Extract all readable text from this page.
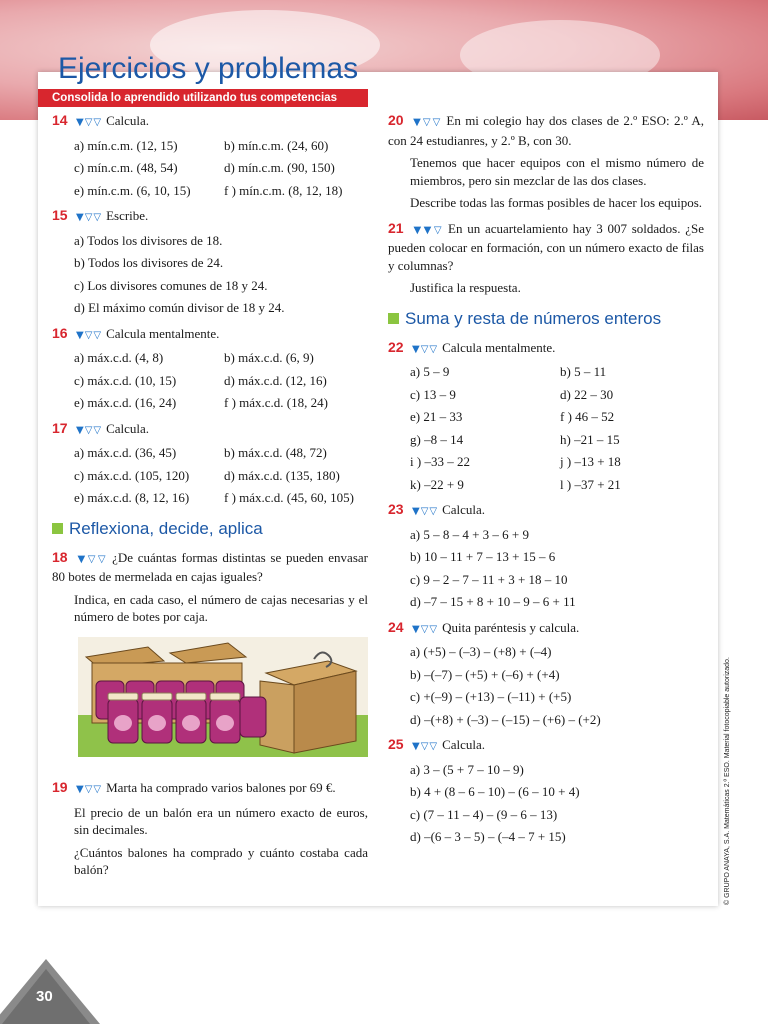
Ejercicios y problemas
Consolida lo aprendido utilizando tus competencias
14 ▼▽▽ Calcula.
a) mín.c.m. (12, 15)	b) mín.c.m. (24, 60)
c) mín.c.m. (48, 54)	d) mín.c.m. (90, 150)
e) mín.c.m. (6, 10, 15)	f ) mín.c.m. (8, 12, 18)
15 ▼▽▽ Escribe.
a) Todos los divisores de 18.
b) Todos los divisores de 24.
c) Los divisores comunes de 18 y 24.
d) El máximo común divisor de 18 y 24.
16 ▼▽▽ Calcula mentalmente.
a) máx.c.d. (4, 8)	b) máx.c.d. (6, 9)
c) máx.c.d. (10, 15)	d) máx.c.d. (12, 16)
e) máx.c.d. (16, 24)	f ) máx.c.d. (18, 24)
17 ▼▽▽ Calcula.
a) máx.c.d. (36, 45)	b) máx.c.d. (48, 72)
c) máx.c.d. (105, 120)	d) máx.c.d. (135, 180)
e) máx.c.d. (8, 12, 16)	f ) máx.c.d. (45, 60, 105)
Reflexiona, decide, aplica
18 ▼▽▽ ¿De cuántas formas distintas se pueden envasar 80 botes de mermelada en cajas iguales?
Indica, en cada caso, el número de cajas necesarias y el número de botes por caja.
19 ▼▽▽ Marta ha comprado varios balones por 69 €.
El precio de un balón era un número exacto de euros, sin decimales.
¿Cuántos balones ha comprado y cuánto costaba cada balón?
20 ▼▽▽ En mi colegio hay dos clases de 2.º ESO: 2.º A, con 24 estudianres, y 2.º B, con 30.
Tenemos que hacer equipos con el mismo número de miembros, pero sin mezclar de las dos clases.
Describe todas las formas posibles de hacer los equipos.
21 ▼▼▽ En un acuartelamiento hay 3 007 soldados. ¿Se pueden colocar en formación, con un número exacto de filas y columnas?
Justifica la respuesta.
Suma y resta de números enteros
22 ▼▽▽ Calcula mentalmente.
a) 5 – 9	b) 5 – 11
c) 13 – 9	d) 22 – 30
e) 21 – 33	f ) 46 – 52
g) –8 – 14	h) –21 – 15
i ) –33 – 22	j ) –13 + 18
k) –22 + 9	l ) –37 + 21
23 ▼▽▽ Calcula.
a) 5 – 8 – 4 + 3 – 6 + 9
b) 10 – 11 + 7 – 13 + 15 – 6
c) 9 – 2 – 7 – 11 + 3 + 18 – 10
d) –7 – 15 + 8 + 10 – 9 – 6 + 11
24 ▼▽▽ Quita paréntesis y calcula.
a) (+5) – (–3) – (+8) + (–4)
b) –(–7) – (+5) + (–6) + (+4)
c) +(–9) – (+13) – (–11) + (+5)
d) –(+8) + (–3) – (–15) – (+6) – (+2)
25 ▼▽▽ Calcula.
a) 3 – (5 + 7 – 10 – 9)
b) 4 + (8 – 6 – 10) – (6 – 10 + 4)
c) (7 – 11 – 4) – (9 – 6 – 13)
d) –(6 – 3 – 5) – (–4 – 7 + 15)	© GRUPO ANAYA, S.A. Matemáticas 2.º ESO. Material fotocopiable autorizado.
30
